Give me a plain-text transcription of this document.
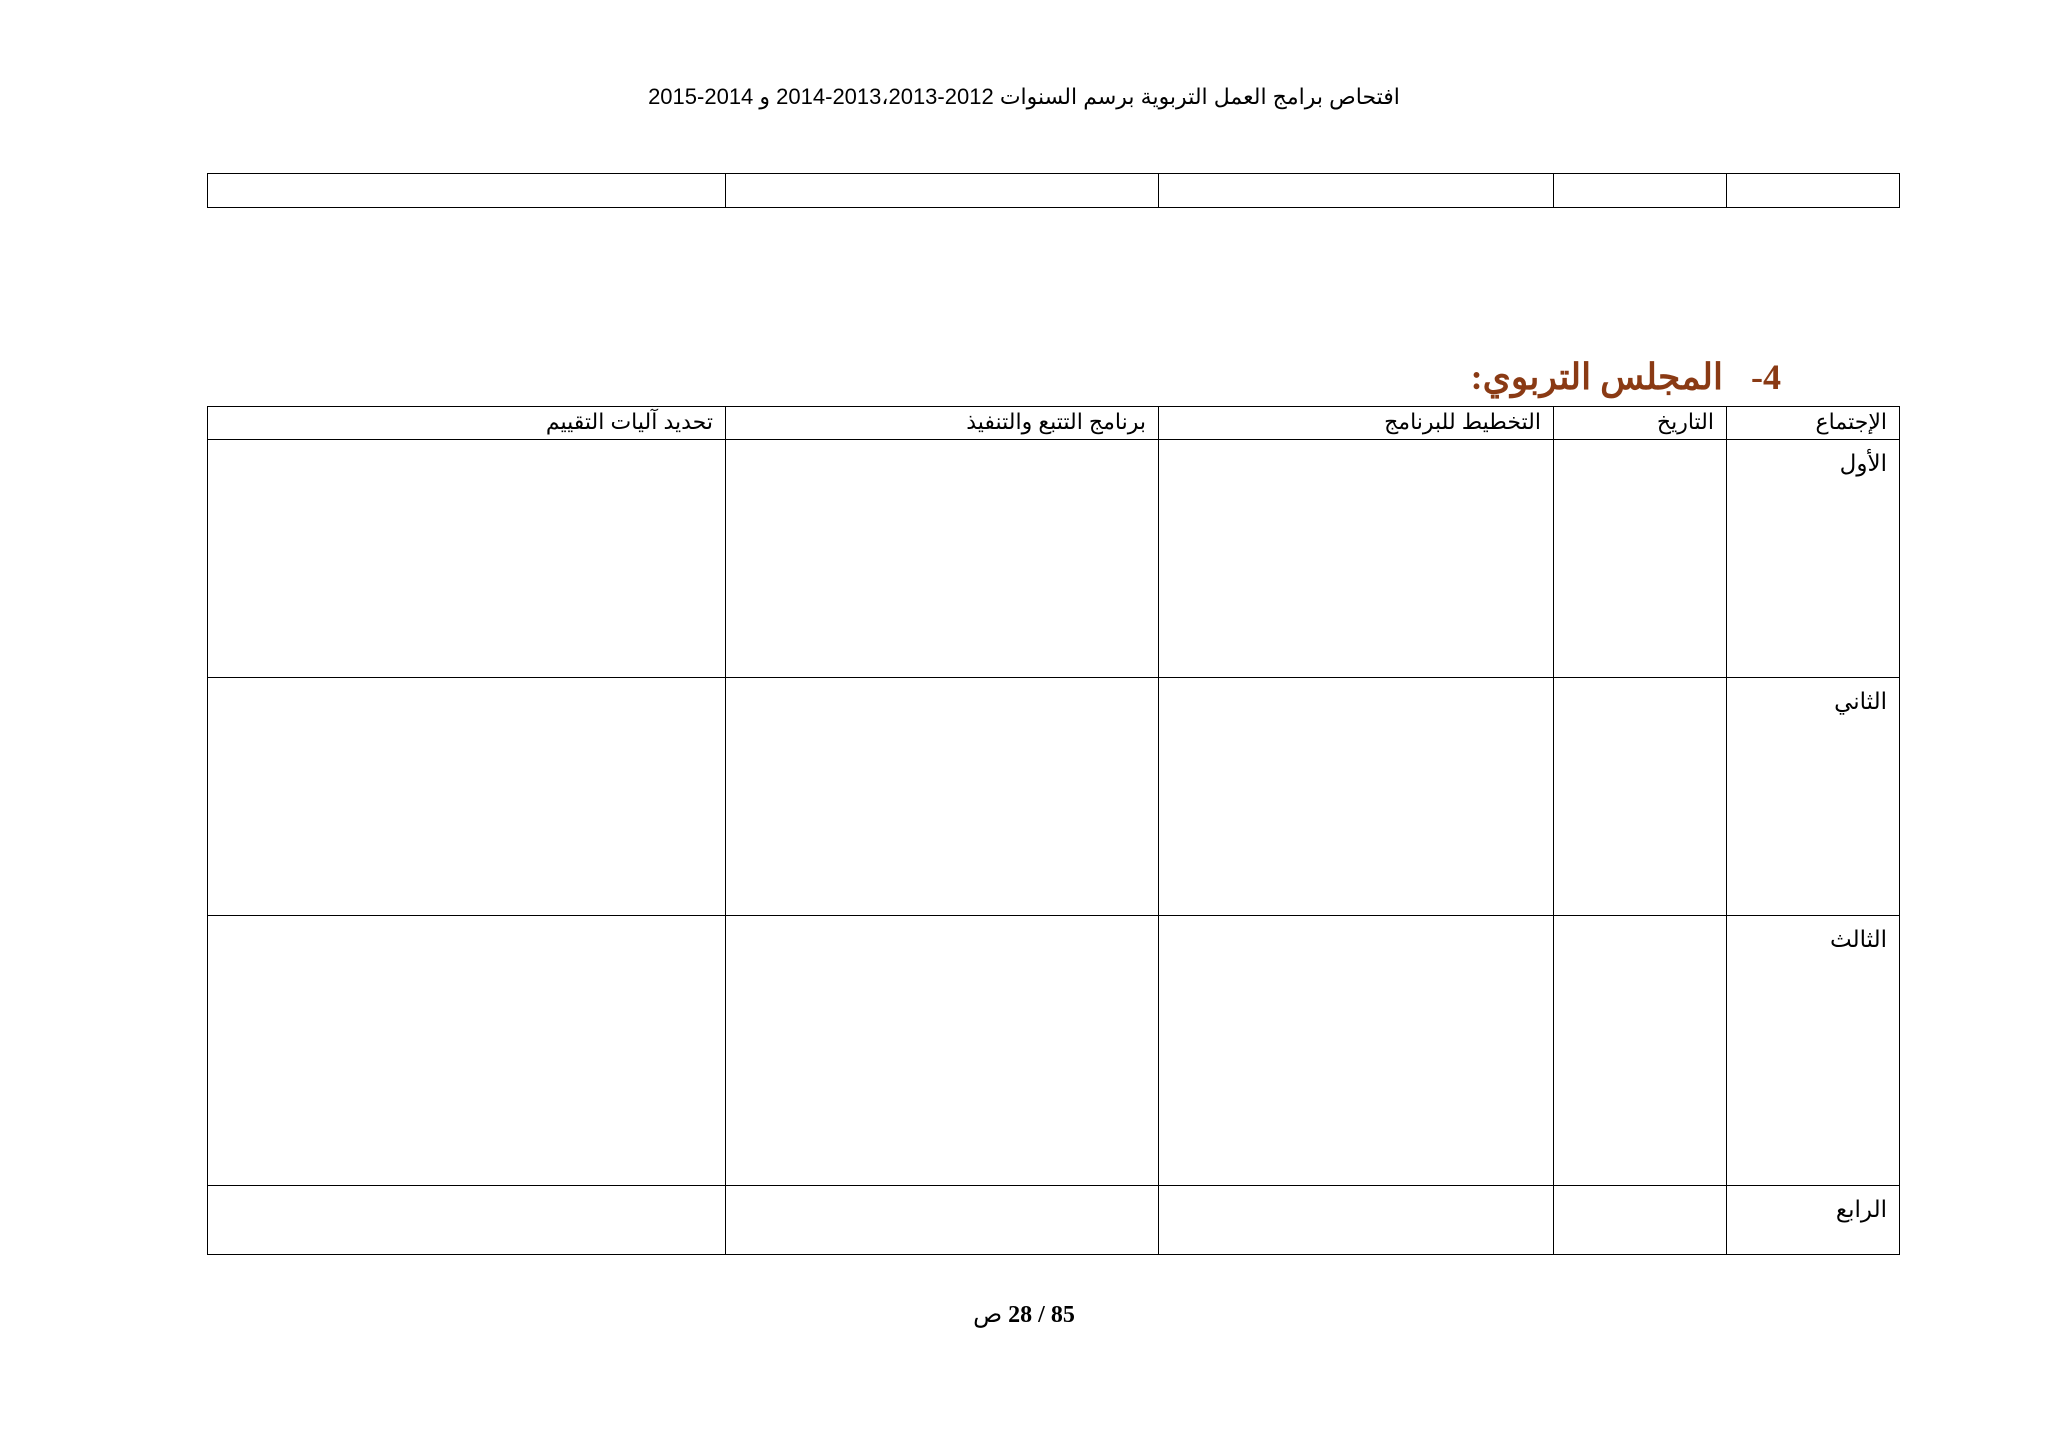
افتحاص برامج العمل التربوية برسم السنوات 2012-2013،2013-2014 و 2014-2015

4-المجلس التربوي:
الإجتماع	التاريخ	التخطيط للبرنامج	برنامج التتبع والتنفيذ	تحديد آليات التقييم
الأول				
الثاني				
الثالث				
الرابع				
85 / 28 ص
